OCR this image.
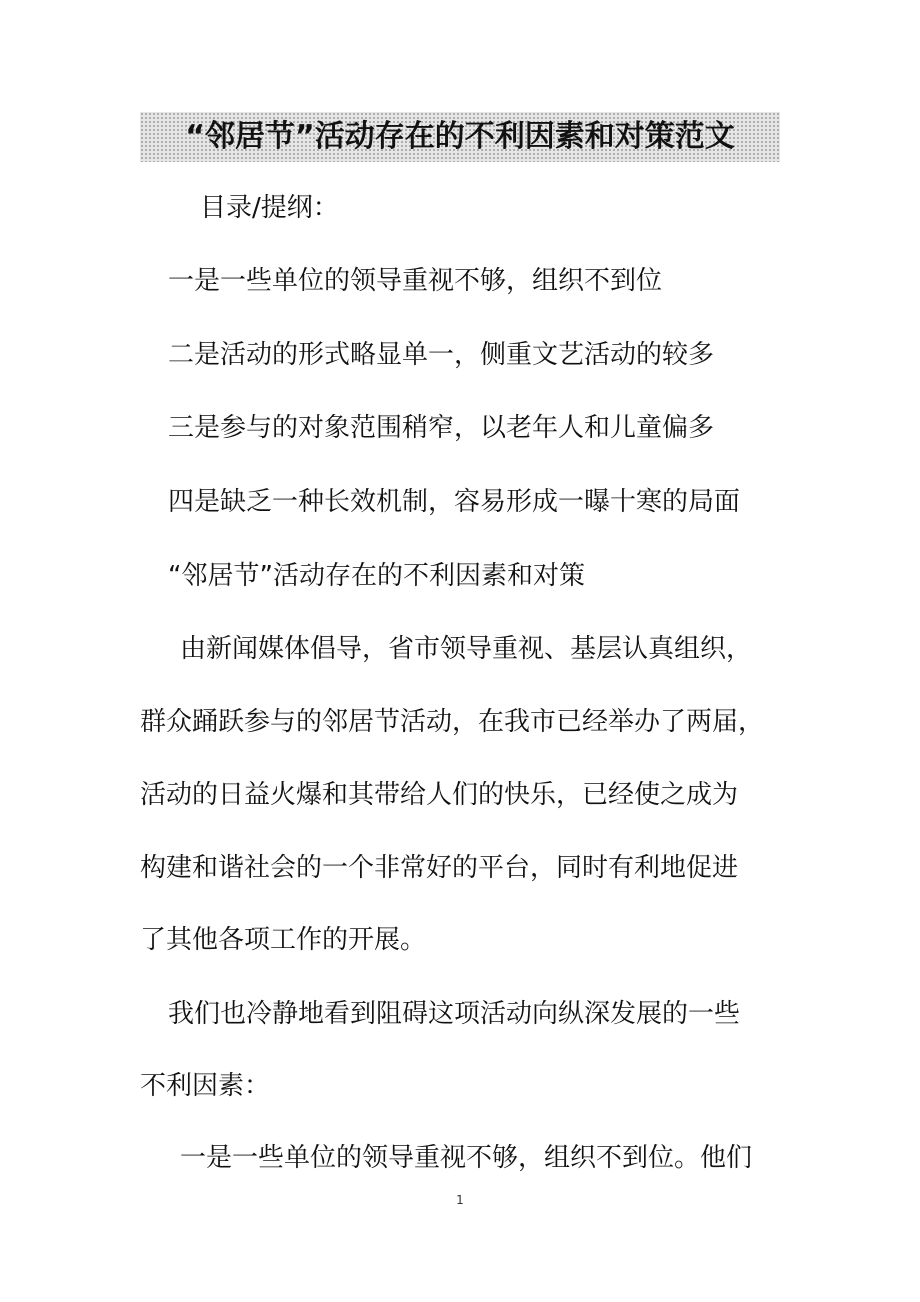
“邻居节”活动存在的不利因素和对策范文
目录/提纲：
一是一些单位的领导重视不够，组织不到位
二是活动的形式略显单一，侧重文艺活动的较多
三是参与的对象范围稍窄，以老年人和儿童偏多
四是缺乏一种长效机制，容易形成一曝十寒的局面
“邻居节”活动存在的不利因素和对策
由新闻媒体倡导，省市领导重视、基层认真组织，
群众踊跃参与的邻居节活动，在我市已经举办了两届，
活动的日益火爆和其带给人们的快乐，已经使之成为
构建和谐社会的一个非常好的平台，同时有利地促进
了其他各项工作的开展。
我们也冷静地看到阻碍这项活动向纵深发展的一些
不利因素：
一是一些单位的领导重视不够，组织不到位。他们
1
